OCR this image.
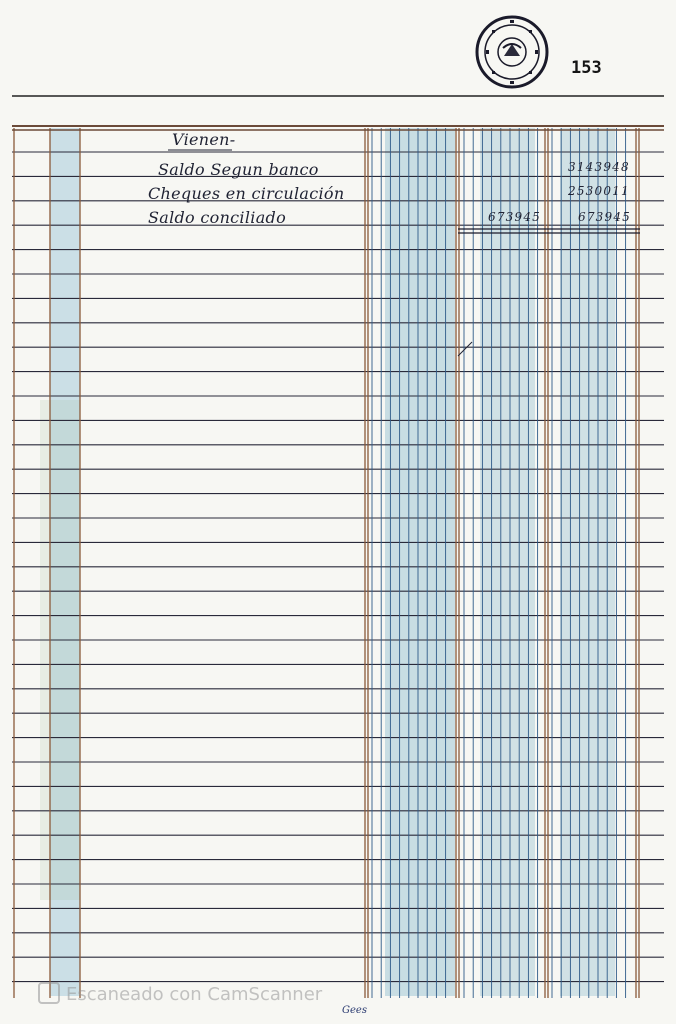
153
Vienen-
Saldo Segun banco
Cheques en circulación
Saldo conciliado
3143948
2530011
673945	673945
Escaneado con CamScanner
Gees
